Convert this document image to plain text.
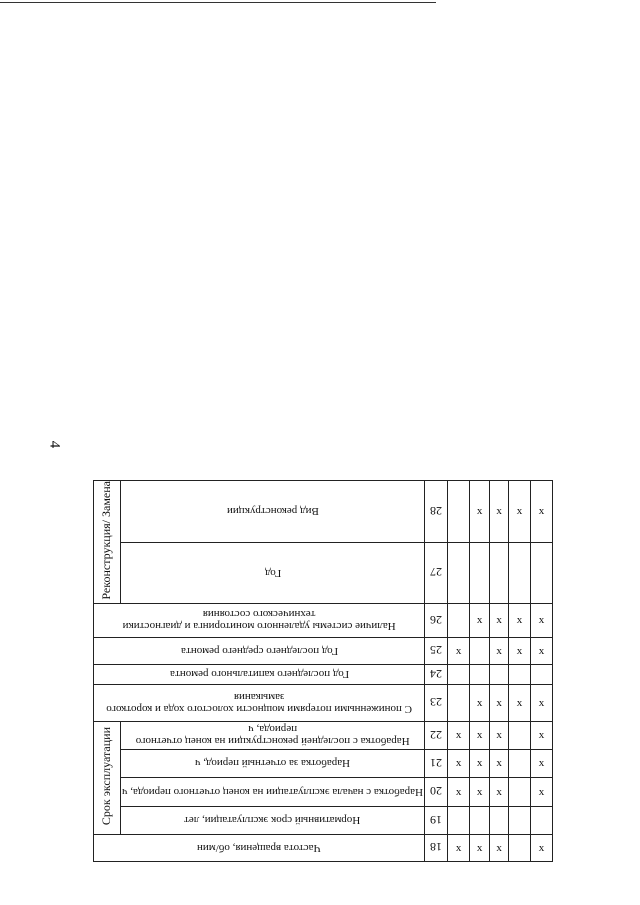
4
Реконструкция/ Замена	Вид реконструкции	28		x	x	x	x
	Год	27					
Наличие системы удаленного мониторинга и диагностики технического состояния		26		x	x	x	x
Год последнего среднего ремонта		25	x		x	x	x
Год последнего капитального ремонта		24					
С пониженными потерями мощности холостого хода и короткого замыкания		23		x	x	x	x
Срок эксплуатации	Наработка с последней реконструкции на конец отчетного периода, ч	22	x	x	x		x
	Наработка за отчетный период, ч	21	x	x	x		x
	Наработка с начала эксплуатации на конец отчетного периода, ч	20	x	x	x		x
	Нормативный срок эксплуатации, лет	19					
Частота вращения, об/мин		18	x	x	x		x
